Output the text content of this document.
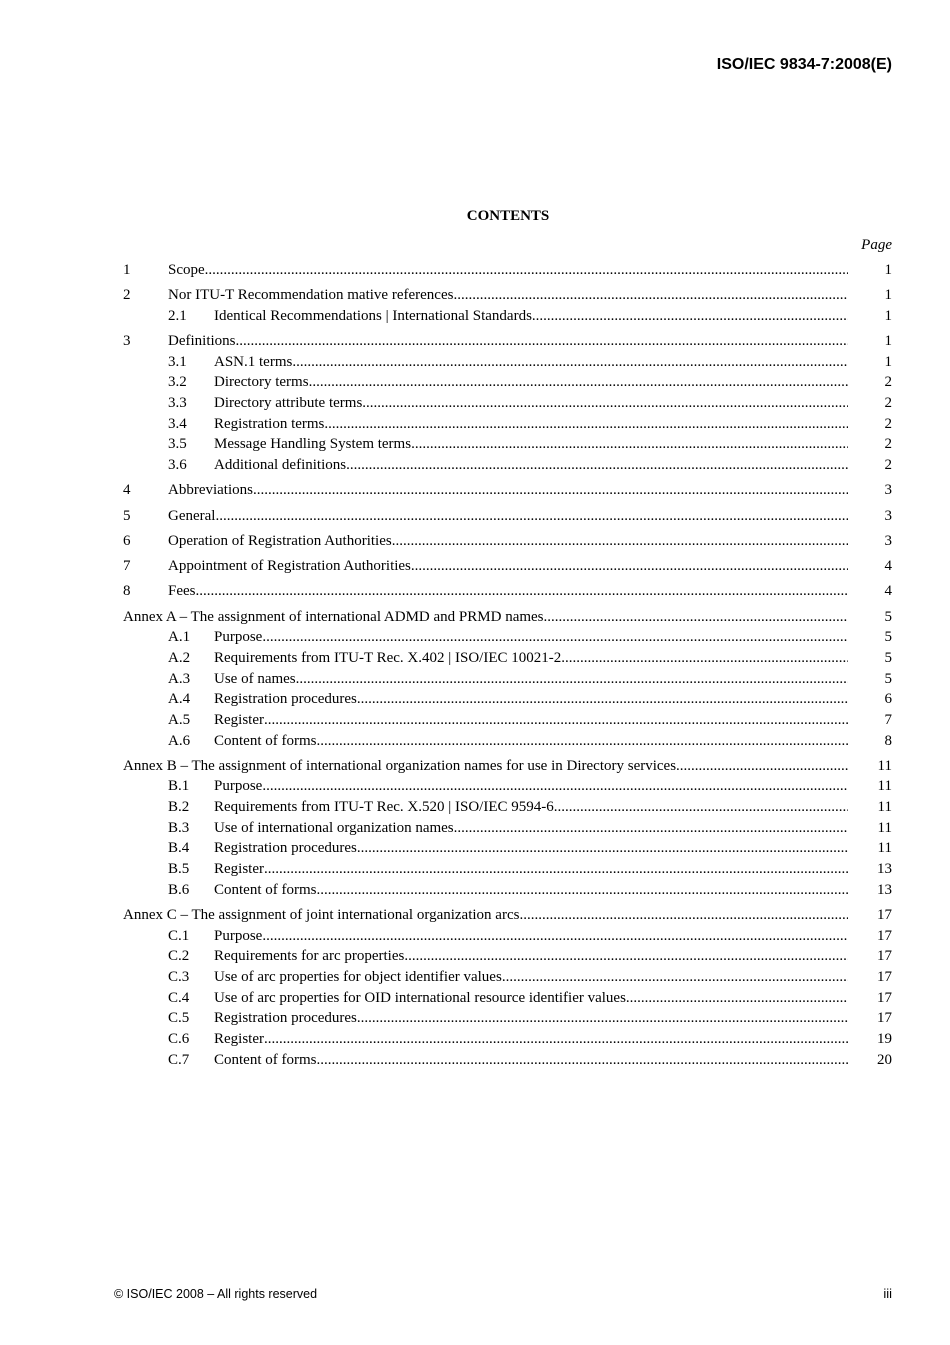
ISO/IEC 9834-7:2008(E)
CONTENTS
Page
1	Scope .....	1
2	Nor ITU-T Recommendation mative references .....	1
2.1 Identical Recommendations | International Standards .....	1
3	Definitions .....	1
3.1 ASN.1 terms .....	1
3.2 Directory terms .....	2
3.3 Directory attribute terms .....	2
3.4 Registration terms .....	2
3.5 Message Handling System terms .....	2
3.6 Additional definitions .....	2
4	Abbreviations .....	3
5	General .....	3
6	Operation of Registration Authorities .....	3
7	Appointment of Registration Authorities .....	4
8	Fees .....	4
Annex A – The assignment of international ADMD and PRMD names .....	5
A.1 Purpose .....	5
A.2 Requirements from ITU-T Rec. X.402 | ISO/IEC 10021-2 .....	5
A.3 Use of names .....	5
A.4 Registration procedures .....	6
A.5 Register .....	7
A.6 Content of forms .....	8
Annex B – The assignment of international organization names for use in Directory services .....	11
B.1 Purpose .....	11
B.2 Requirements from ITU-T Rec. X.520 | ISO/IEC 9594-6 .....	11
B.3 Use of international organization names .....	11
B.4 Registration procedures .....	11
B.5 Register .....	13
B.6 Content of forms .....	13
Annex C – The assignment of joint international organization arcs .....	17
C.1 Purpose .....	17
C.2 Requirements for arc properties .....	17
C.3 Use of arc properties for object identifier values .....	17
C.4 Use of arc properties for OID international resource identifier values .....	17
C.5 Registration procedures .....	17
C.6 Register .....	19
C.7 Content of forms .....	20
© ISO/IEC 2008 – All rights reserved	iii
